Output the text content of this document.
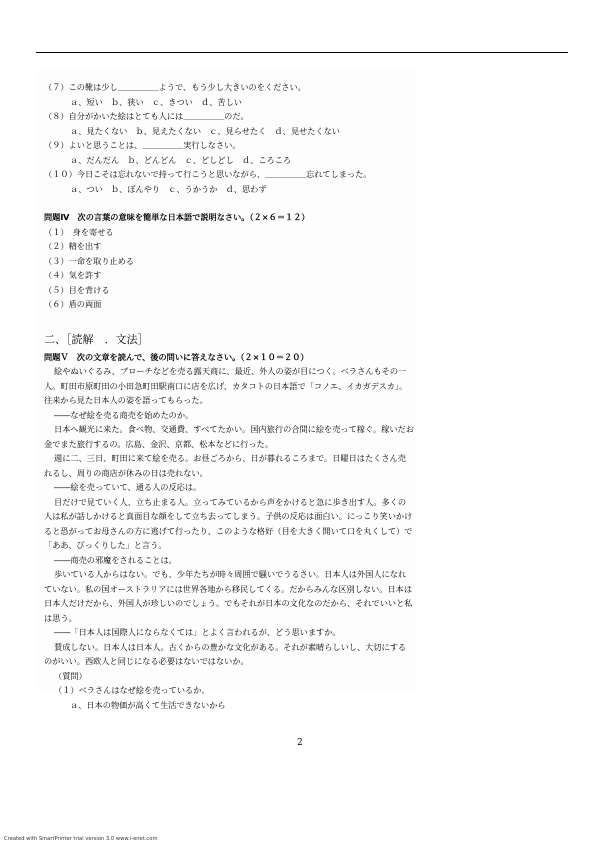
（７）この靴は少し＿＿＿＿＿ようで、もう少し大きいのをください。
ａ、短い　ｂ、狭い　ｃ、きつい　ｄ、苦しい
（８）自分がかいた絵はとても人には＿＿＿＿＿のだ。
ａ、見たくない　ｂ、見えたくない　ｃ、見らせたく　ｄ、見せたくない
（９）よいと思うことは、＿＿＿＿＿実行しなさい。
ａ、だんだん　ｂ、どんどん　ｃ、どしどし　ｄ、ころころ
（１０）今日こそは忘れないで持って行こうと思いながら、＿＿＿＿＿忘れてしまった。
ａ、つい　ｂ、ぼんやり　ｃ、うかうか　ｄ、思わず
問題Ⅳ　次の言葉の意味を簡単な日本語で説明なさい。（２×６＝１２）
（１）　身を寄せる
（２）精を出す
（３）一命を取り止める
（４）気を許す
（５）目を背ける
（６）盾の両面
二、［読解　．文法］
問題Ｖ　次の文章を読んで、後の問いに答えなさい。（２×１０＝２０）

絵やぬいぐるみ、ブローチなどを売る露天商に、最近、外人の姿が目につく。ベラさんもその一人。町田市原町田の小田急町田駅南口に店を広げ、カタコトの日本語で「コノエ、イカガデスカ」。往来から見た日本人の姿を語ってもらった。

――なぜ絵を売る商売を始めたのか。

日本へ観光に来た。食べ物、交通費、すべてたかい。国内旅行の合間に絵を売って稼ぐ。稼いだお金でまた旅行するの。広島、金沢、京都、松本などに行った。

週に二、三日、町田に来て絵を売る。お昼ごろから、日が暮れるころまで。日曜日はたくさん売れるし、周りの商店が休みの日は売れない。

――絵を売っていて、通る人の反応は。

目だけで見ていく人、立ち止まる人。立ってみているから声をかけると急に歩き出す人。多くの人は私が話しかけると真面目な顔をして立ち去ってしまう。子供の反応は面白い。にっこり笑いかけると恐がってお母さんの方に逃げて行ったり、このような格好（目を大きく開いて口を丸くして）で「ああ、びっくりした」と言う。

――商売の邪魔をされることは。

歩いている人からはない。でも、少年たちが時々周囲で騒いでうるさい。日本人は外国人になれていない。私の国オーストラリアには世界各地から移民してくる。だからみんな区別しない。日本は日本人だけだから、外国人が珍しいのでしょう。でもそれが日本の文化なのだから、それでいいと私は思う。

――「日本人は国際人にならなくては」とよく言われるが、どう思いますか。

賛成しない。日本人は日本人。古くからの豊かな文化がある。それが素晴らしいし、大切にするのがいい。西欧人と同じになる必要はないではないか。

（質問）
（１）ベラさんはなぜ絵を売っているか。
ａ、日本の物価が高くて生活できないから
2
Created with SmartPrinter trial version 3.0 www.i-enet.com
